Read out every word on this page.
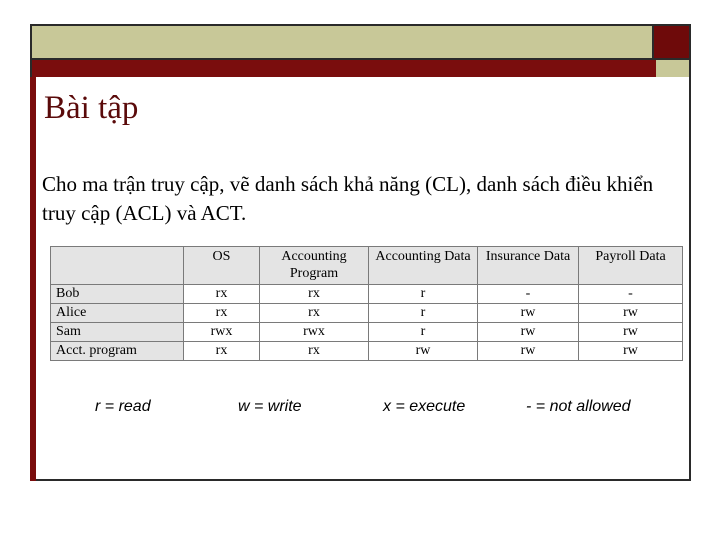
Bài tập
Cho ma trận truy cập, vẽ danh sách khả năng (CL), danh sách điều khiển truy cập (ACL) và ACT.
	OS	Accounting Program	Accounting Data	Insurance Data	Payroll Data
Bob	rx	rx	r	-	-
Alice	rx	rx	r	rw	rw
Sam	rwx	rwx	r	rw	rw
Acct. program	rx	rx	rw	rw	rw
r = read	w = write	x = execute	- = not allowed
